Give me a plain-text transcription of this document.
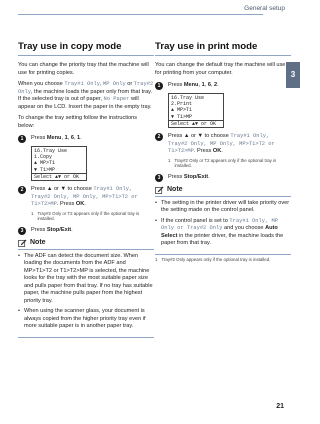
General setup
3
Tray use in copy mode

You can change the priority tray that the machine will use for printing copies.

When you choose Tray#1 Only, MP Only or Tray#2 Only, the machine loads the paper only from that tray. If the selected tray is out of paper, No Paper will appear on the LCD. Insert the paper in the empty tray.

To change the tray setting follow the instructions below:

1	Press Menu, 1, 6, 1.
16.Tray Use
1.Copy
▲ MP>T1
▼ T1>MP
Select ▲▼ or OK
2	Press ▲ or ▼ to choose Tray#1 Only, Tray#2 Only, MP Only, MP>T1>T2 or T1>T2>MP. Press OK.
1 Tray#2 Only or T2 appears only if the optional tray is installed.
3	Press Stop/Exit.
Note
• The ADF can detect the document size. When loading the documents from the ADF and MP>T1>T2 or T1>T2>MP is selected, the machine looks for the tray with the most suitable paper size and pulls paper from that tray. If no tray has suitable paper, the machine pulls paper from the highest priority tray.
• When using the scanner glass, your document is always copied from the higher priority tray even if more suitable paper is in another paper tray.
Tray use in print mode

You can change the default tray the machine will use for printing from your computer.

1	Press Menu, 1, 6, 2.
16.Tray Use
2.Print
▲ MP>T1
▼ T1>MP
Select ▲▼ or OK
2	Press ▲ or ▼ to choose Tray#1 Only, Tray#2 Only, MP Only, MP>T1>T2 or T1>T2>MP. Press OK.
1 Tray#2 Only or T2 appears only if the optional tray is installed.
3	Press Stop/Exit.
Note
• The setting in the printer driver will take priority over the setting made on the control panel.
• If the control panel is set to Tray#1 Only, MP Only or Tray#2 Only and you choose Auto Select in the printer driver, the machine loads the paper from that tray.
1 Tray#2 Only appears only if the optional tray is installed.
21
